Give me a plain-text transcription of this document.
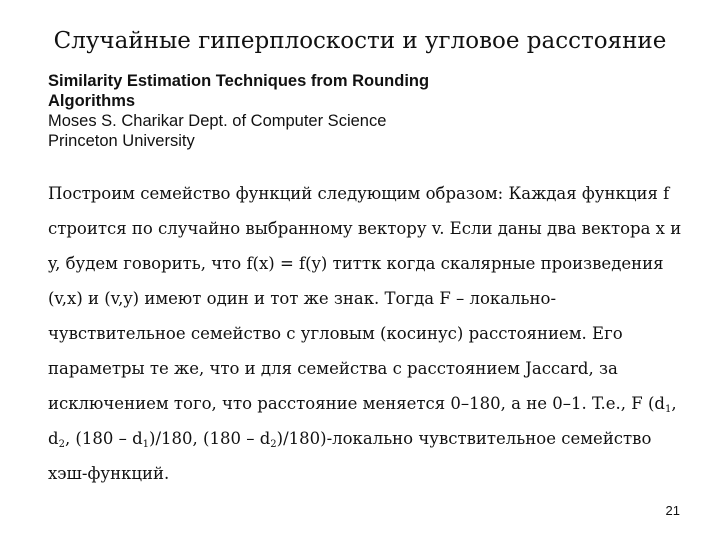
Случайные гиперплоскости и угловое расстояние
Similarity Estimation Techniques from Rounding
Algorithms
Moses S. Charikar Dept. of Computer Science
Princeton University
Построим семейство функций следующим образом: Каждая функция f
строится по случайно выбранному вектору v. Если даны два вектора x и
y, будем говорить, что f(x) = f(y) титтк когда скалярные произведения
(v,x) и (v,y) имеют один и тот же знак. Тогда F – локально-
чувствительное семейство с угловым (косинус) расстоянием. Его
параметры те же, что и для семейства с расстоянием Jaccard, за
исключением того, что расстояние меняется 0–180, а не 0–1. T.e., F ($d_1$,
$d_2$, $(180 - d_1)/180$, $(180 - d_2)/180$)-локально чувствительное семейство
хэш-функций.
21
